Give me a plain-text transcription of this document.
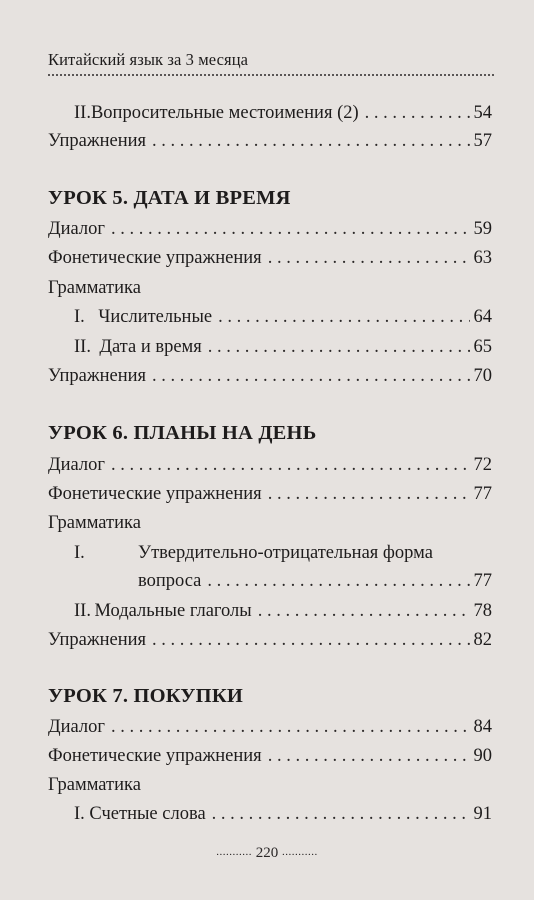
Китайский язык за 3 месяца
II. Вопросительные местоимения (2) . . .	54
Упражнения . . .	57
УРОК 5. ДАТА И ВРЕМЯ
Диалог . . .	59
Фонетические упражнения . . .	63
Грамматика
I. Числительные . . .	64
II. Дата и время . . .	65
Упражнения . . .	70
УРОК 6. ПЛАНЫ НА ДЕНЬ
Диалог . . .	72
Фонетические упражнения . . .	77
Грамматика
I.	Утвердительно-отрицательная форма
вопроса . . .	77
II. Модальные глаголы . . .	78
Упражнения . . .	82
УРОК 7. ПОКУПКИ
Диалог . . .	84
Фонетические упражнения . . .	90
Грамматика
I. Счетные слова . . .	91
........... 220 ...........
